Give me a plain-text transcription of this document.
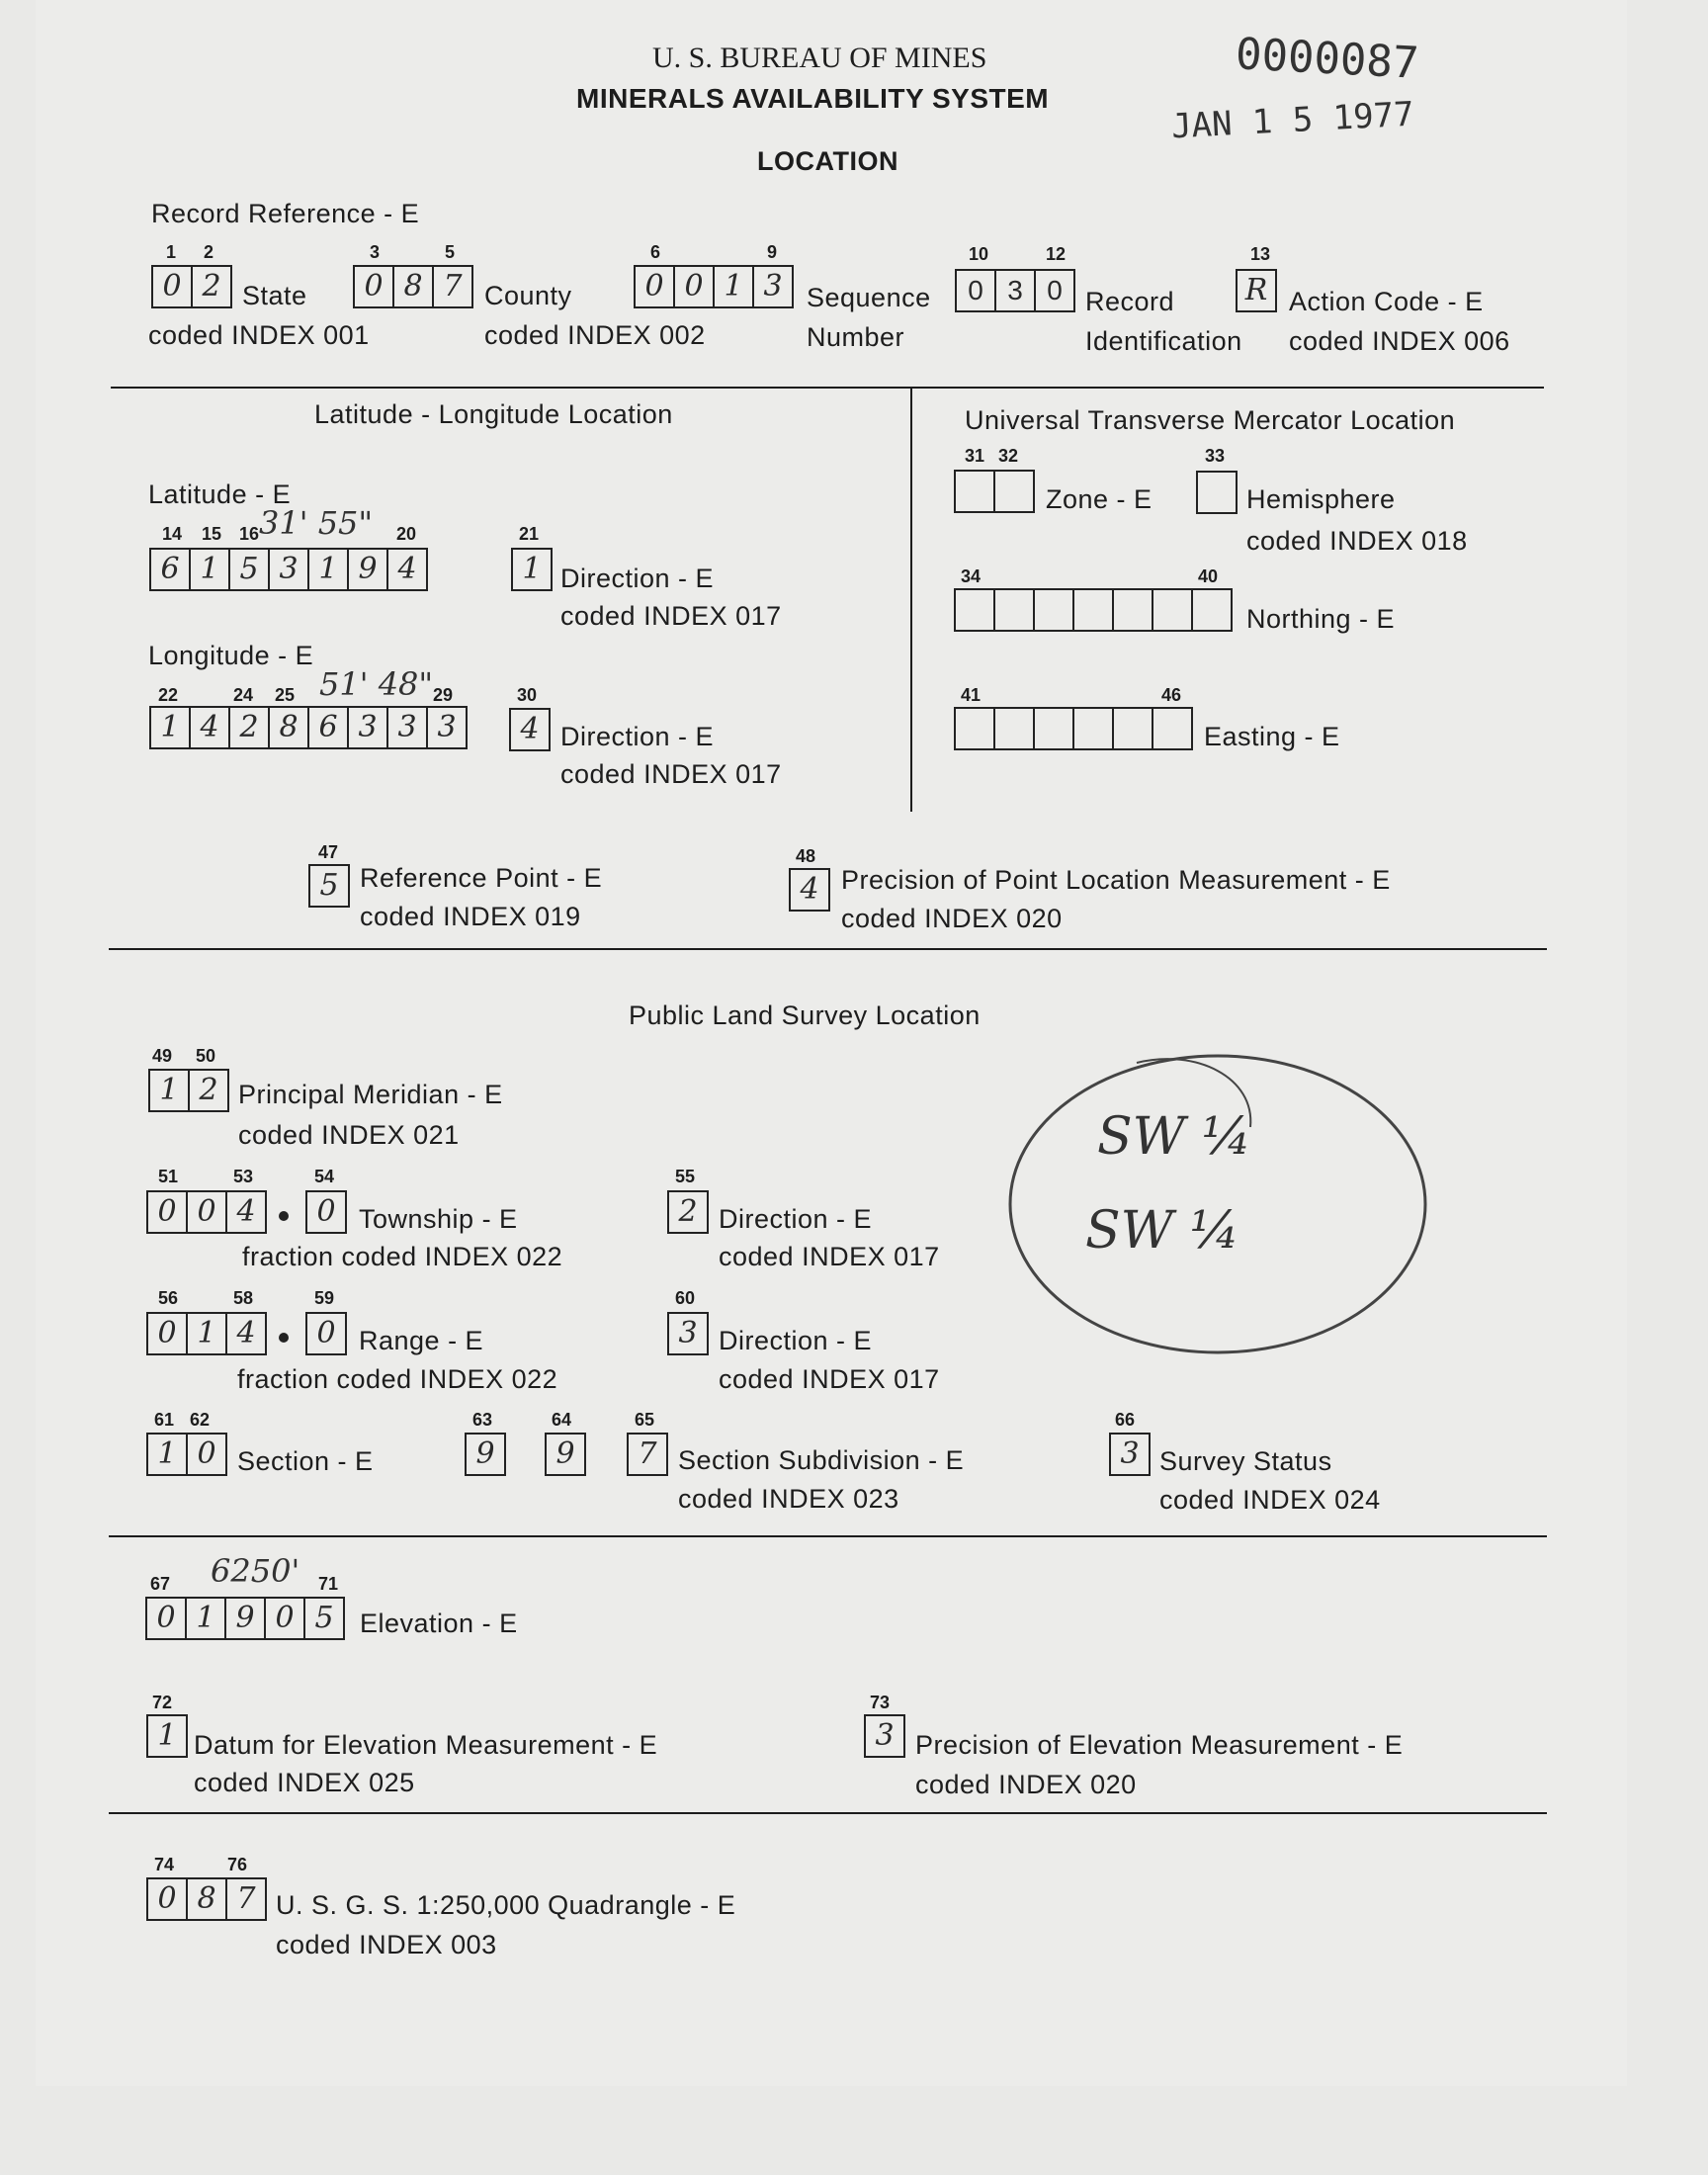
U. S. BUREAU OF MINES
MINERALS AVAILABILITY SYSTEM
0000087
JAN 1 5 1977
LOCATION
Record Reference - E
1 2
0 2 State
coded INDEX 001
3	5
0 8 7 County
coded INDEX 002
6	9
0 0 1 3 Sequence
Number
10	12
0 3 0 Record
Identification
13
R Action Code - E
coded INDEX 006
Latitude - Longitude Location
Latitude - E
14 15 16	20
31' 55"
6 1 5 3 1 9 4
21
1 Direction - E
coded INDEX 017
Longitude - E
22	24 25	29
51' 48"
1 4 2 8 6 3 3 3
30
4 Direction - E
coded INDEX 017
Universal Transverse Mercator Location
31 32
Zone - E
33
Hemisphere
coded INDEX 018
34	40
Northing - E
41	46
Easting - E
47
5 Reference Point - E
coded INDEX 019
48
4 Precision of Point Location Measurement - E
coded INDEX 020
Public Land Survey Location
49 50
1 2 Principal Meridian - E
coded INDEX 021
51	53	54
0 0 4	0 Township - E
fraction coded INDEX 022
55
2 Direction - E
coded INDEX 017
56	58	59
0 1 4	0 Range - E
fraction coded INDEX 022
60
3 Direction - E
coded INDEX 017
61 62
1 0 Section - E
63	64	65
9	9	7 Section Subdivision - E
coded INDEX 023
66
3 Survey Status
coded INDEX 024
SW ¼
SW ¼
67	71
6250'
0 1 9 0 5 Elevation - E
72
1 Datum for Elevation Measurement - E
coded INDEX 025
73
3 Precision of Elevation Measurement - E
coded INDEX 020
74	76
0 8 7 U. S. G. S. 1:250,000 Quadrangle - E
coded INDEX 003
